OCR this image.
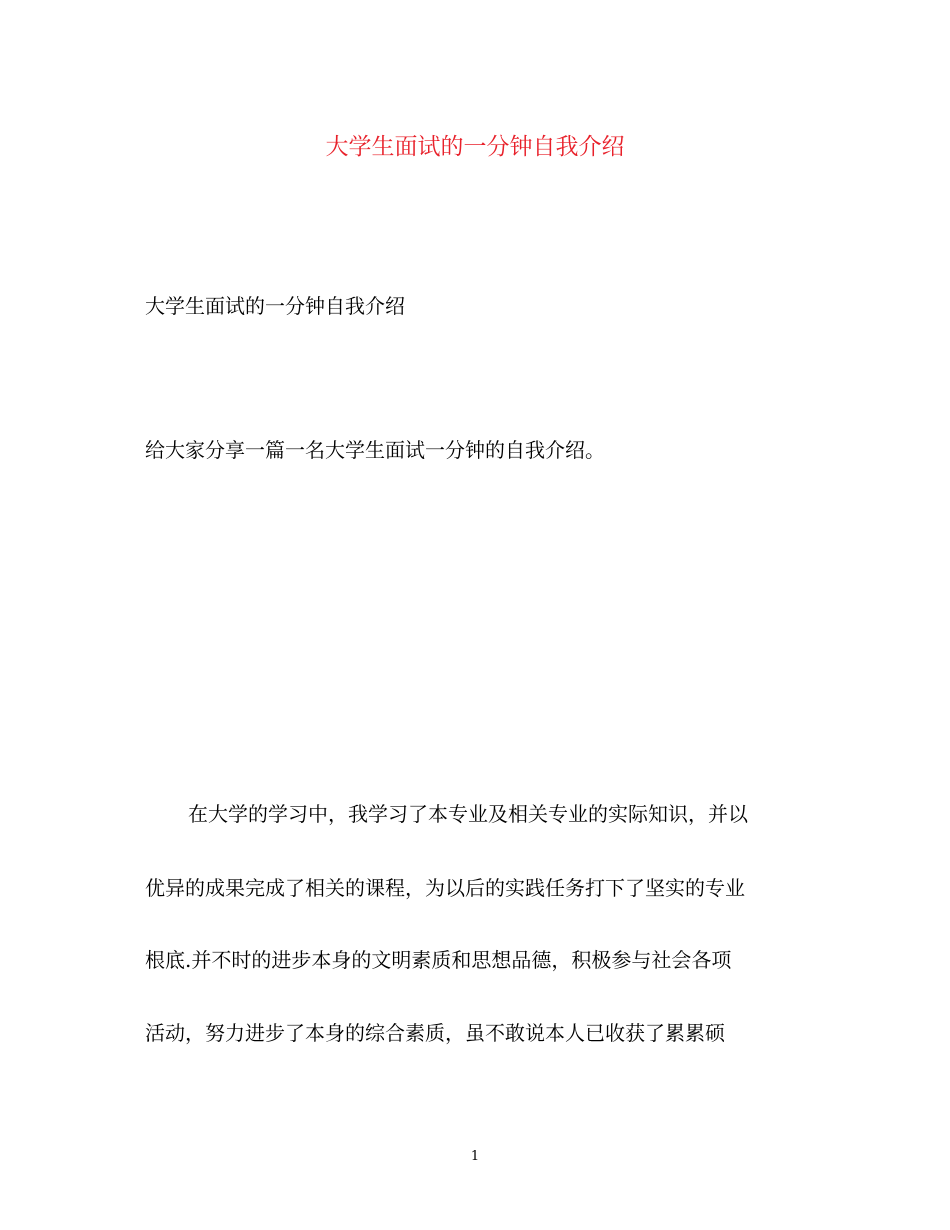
大学生面试的一分钟自我介绍

大学生面试的一分钟自我介绍

给大家分享一篇一名大学生面试一分钟的自我介绍。

在大学的学习中，我学习了本专业及相关专业的实际知识，并以

优异的成果完成了相关的课程，为以后的实践任务打下了坚实的专业

根底.并不时的进步本身的文明素质和思想品德，积极参与社会各项

活动，努力进步了本身的综合素质，虽不敢说本人已收获了累累硕

1
